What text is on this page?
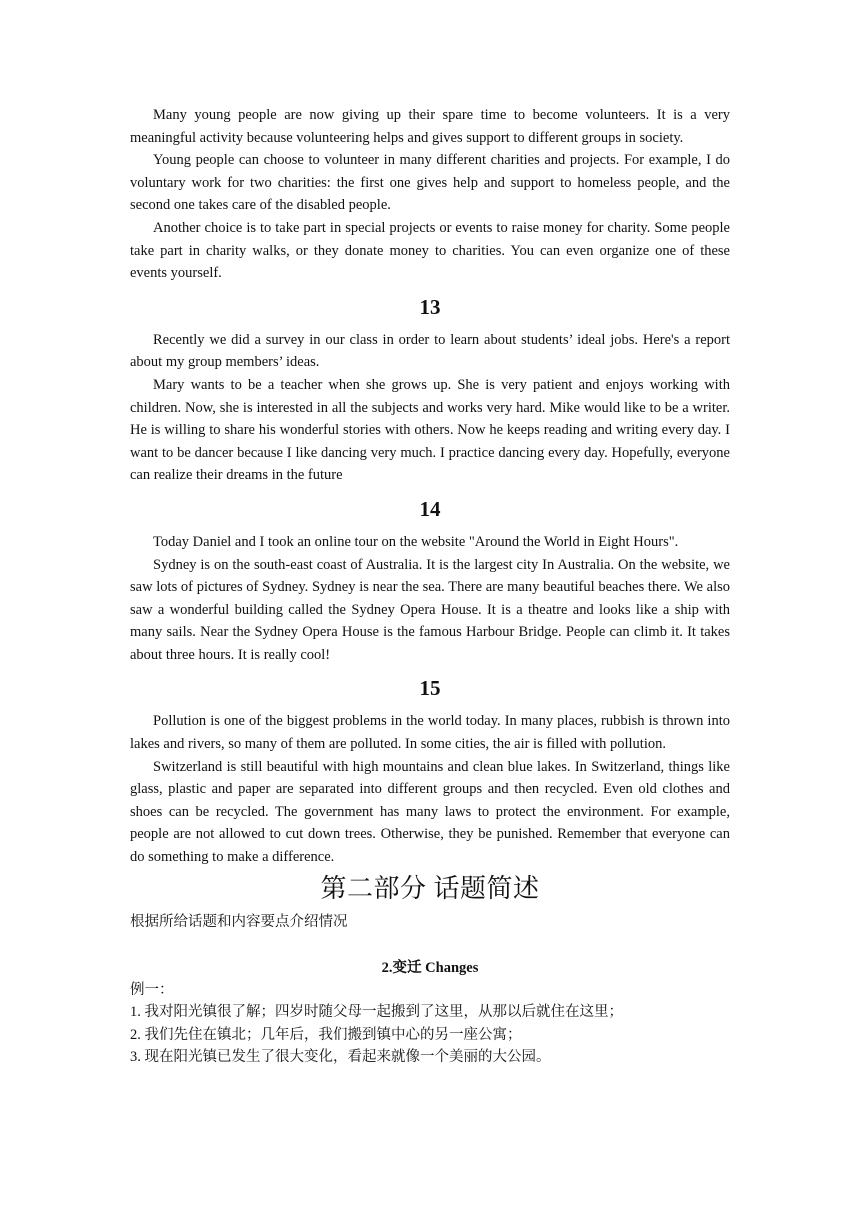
Many young people are now giving up their spare time to become volunteers. It is a very meaningful activity because volunteering helps and gives support to different groups in society.

Young people can choose to volunteer in many different charities and projects. For example, I do voluntary work for two charities: the first one gives help and support to homeless people, and the second one takes care of the disabled people.

Another choice is to take part in special projects or events to raise money for charity. Some people take part in charity walks, or they donate money to charities. You can even organize one of these events yourself.

13

Recently we did a survey in our class in order to learn about students’ ideal jobs. Here's a report about my group members’ ideas.

Mary wants to be a teacher when she grows up. She is very patient and enjoys working with children. Now, she is interested in all the subjects and works very hard. Mike would like to be a writer. He is willing to share his wonderful stories with others. Now he keeps reading and writing every day. I want to be dancer because I like dancing very much. I practice dancing every day. Hopefully, everyone can realize their dreams in the future

14

Today Daniel and I took an online tour on the website "Around the World in Eight Hours".

Sydney is on the south-east coast of Australia. It is the largest city In Australia. On the website, we saw lots of pictures of Sydney. Sydney is near the sea. There are many beautiful beaches there. We also saw a wonderful building called the Sydney Opera House. It is a theatre and looks like a ship with many sails. Near the Sydney Opera House is the famous Harbour Bridge. People can climb it. It takes about three hours. It is really cool!

15

Pollution is one of the biggest problems in the world today. In many places, rubbish is thrown into lakes and rivers, so many of them are polluted. In some cities, the air is filled with pollution.

Switzerland is still beautiful with high mountains and clean blue lakes. In Switzerland, things like glass, plastic and paper are separated into different groups and then recycled. Even old clothes and shoes can be recycled. The government has many laws to protect the environment. For example, people are not allowed to cut down trees. Otherwise, they be punished. Remember that everyone can do something to make a difference.

第二部分 话题简述

根据所给话题和内容要点介绍情况

2.变迁 Changes

例一：

1. 我对阳光镇很了解；四岁时随父母一起搬到了这里，从那以后就住在这里；

2. 我们先住在镇北；几年后，我们搬到镇中心的另一座公寓；

3. 现在阳光镇已发生了很大变化，看起来就像一个美丽的大公园。
